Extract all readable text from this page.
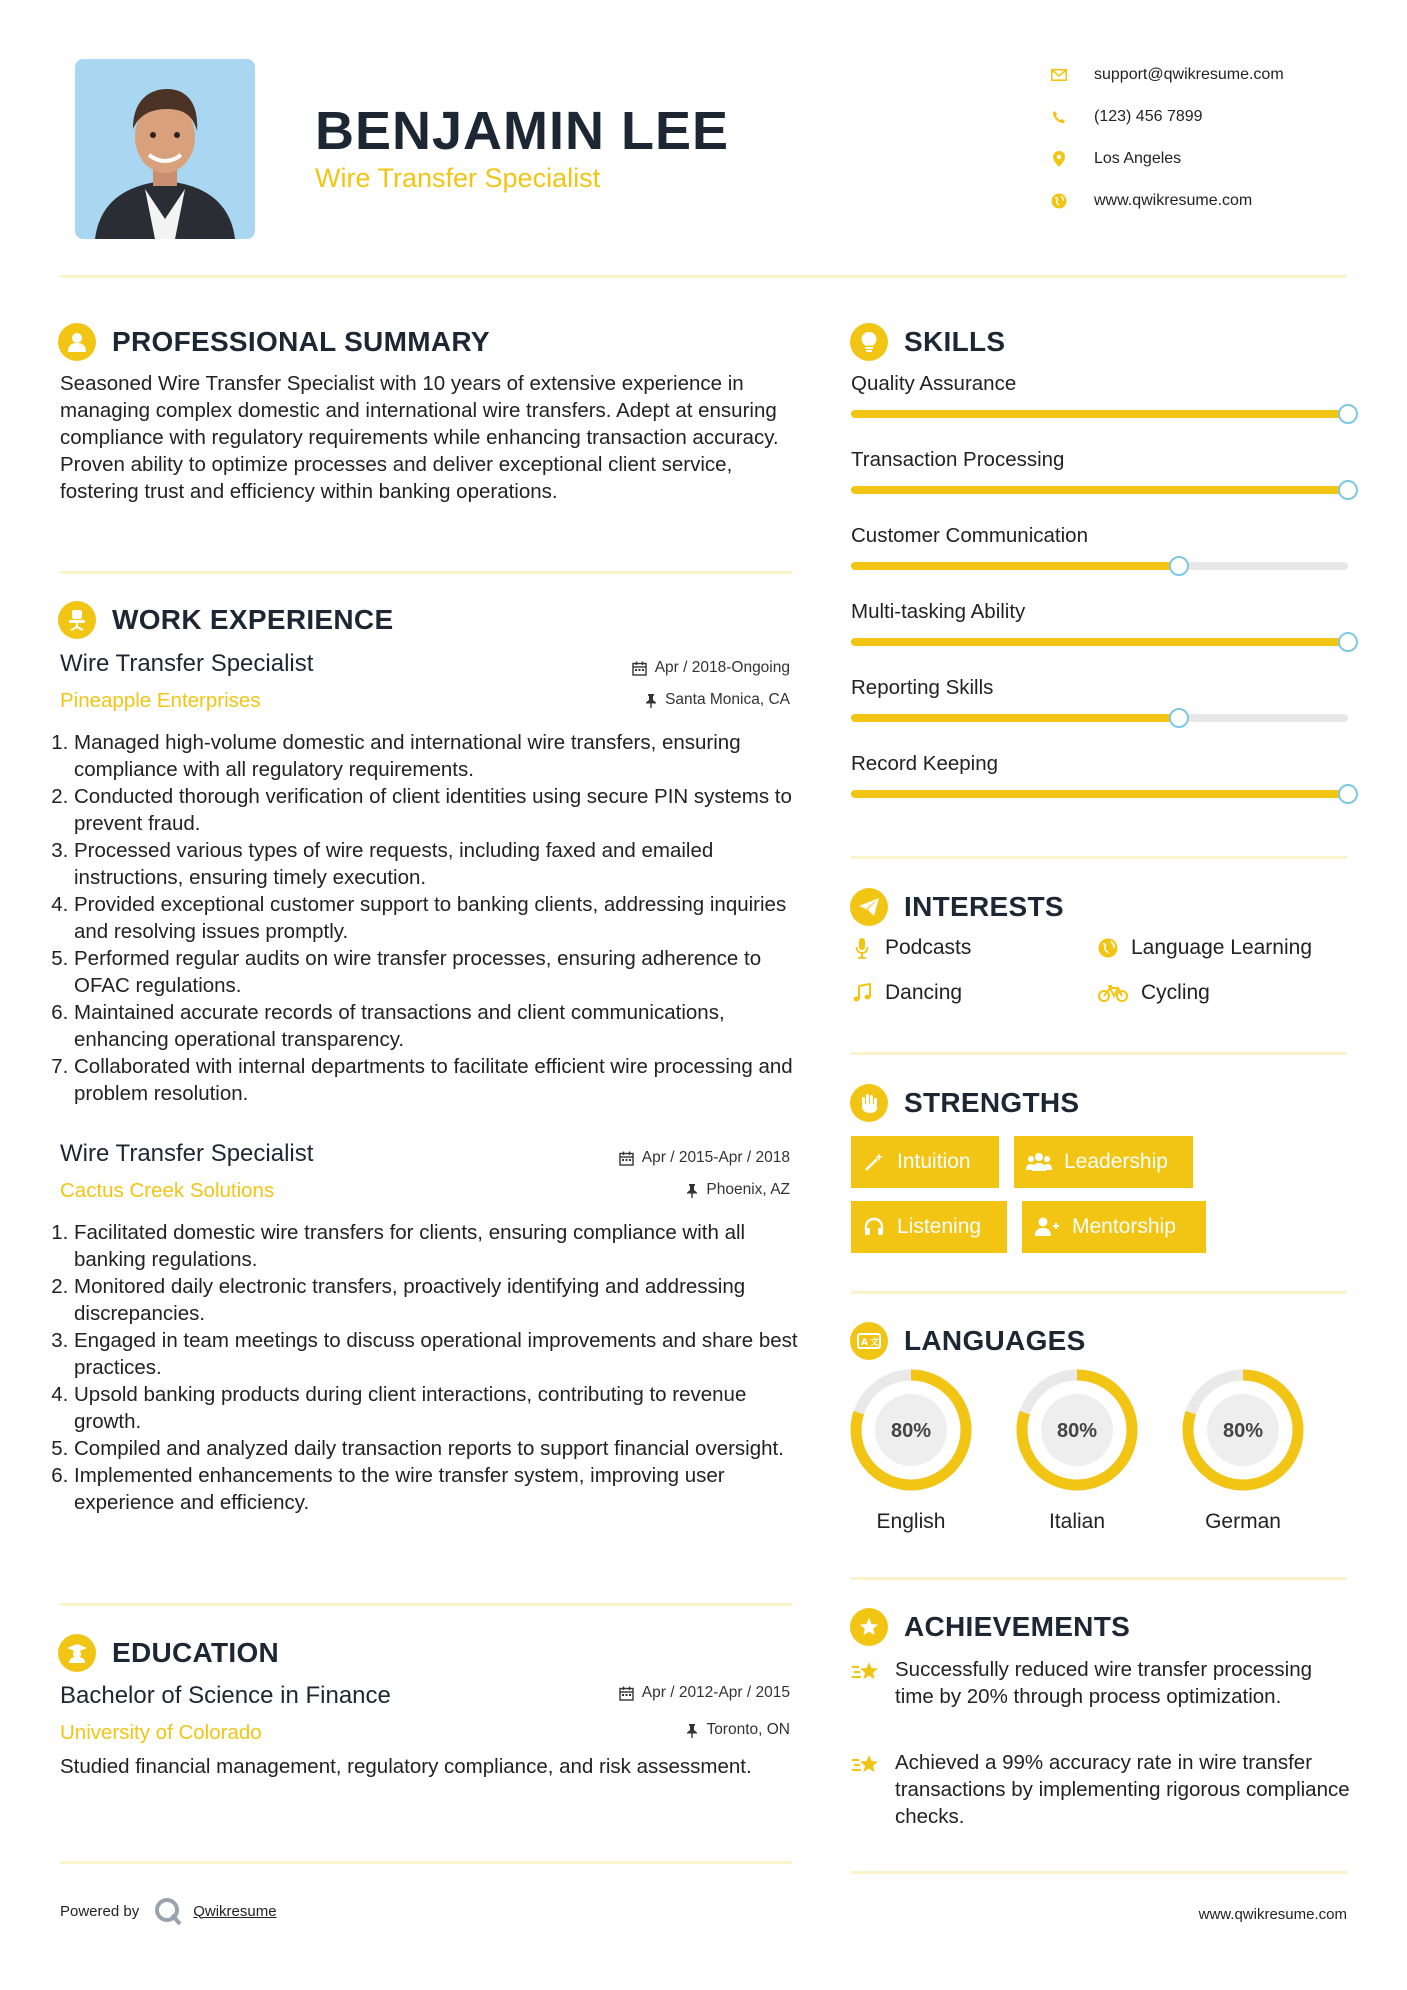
BENJAMIN LEE
Wire Transfer Specialist
support@qwikresume.com
(123) 456 7899
Los Angeles
www.qwikresume.com
PROFESSIONAL SUMMARY
Seasoned Wire Transfer Specialist with 10 years of extensive experience in managing complex domestic and international wire transfers. Adept at ensuring compliance with regulatory requirements while enhancing transaction accuracy. Proven ability to optimize processes and deliver exceptional client service, fostering trust and efficiency within banking operations.
WORK EXPERIENCE
Wire Transfer Specialist
Pineapple Enterprises
Apr / 2018-Ongoing
Santa Monica, CA
1. Managed high-volume domestic and international wire transfers, ensuring compliance with all regulatory requirements.
2. Conducted thorough verification of client identities using secure PIN systems to prevent fraud.
3. Processed various types of wire requests, including faxed and emailed instructions, ensuring timely execution.
4. Provided exceptional customer support to banking clients, addressing inquiries and resolving issues promptly.
5. Performed regular audits on wire transfer processes, ensuring adherence to OFAC regulations.
6. Maintained accurate records of transactions and client communications, enhancing operational transparency.
7. Collaborated with internal departments to facilitate efficient wire processing and problem resolution.
Wire Transfer Specialist
Cactus Creek Solutions
Apr / 2015-Apr / 2018
Phoenix, AZ
1. Facilitated domestic wire transfers for clients, ensuring compliance with all banking regulations.
2. Monitored daily electronic transfers, proactively identifying and addressing discrepancies.
3. Engaged in team meetings to discuss operational improvements and share best practices.
4. Upsold banking products during client interactions, contributing to revenue growth.
5. Compiled and analyzed daily transaction reports to support financial oversight.
6. Implemented enhancements to the wire transfer system, improving user experience and efficiency.
EDUCATION
Bachelor of Science in Finance
University of Colorado
Apr / 2012-Apr / 2015
Toronto, ON
Studied financial management, regulatory compliance, and risk assessment.
SKILLS
Quality Assurance
Transaction Processing
Customer Communication
Multi-tasking Ability
Reporting Skills
Record Keeping
INTERESTS
Podcasts	Language Learning
Dancing	Cycling
STRENGTHS
Intuition	Leadership
Listening	Mentorship
A 文 LANGUAGES
80%
English
80%
Italian
80%
German
ACHIEVEMENTS
Successfully reduced wire transfer processing time by 20% through process optimization.
Achieved a 99% accuracy rate in wire transfer transactions by implementing rigorous compliance checks.
Powered by	Qwikresume	www.qwikresume.com
